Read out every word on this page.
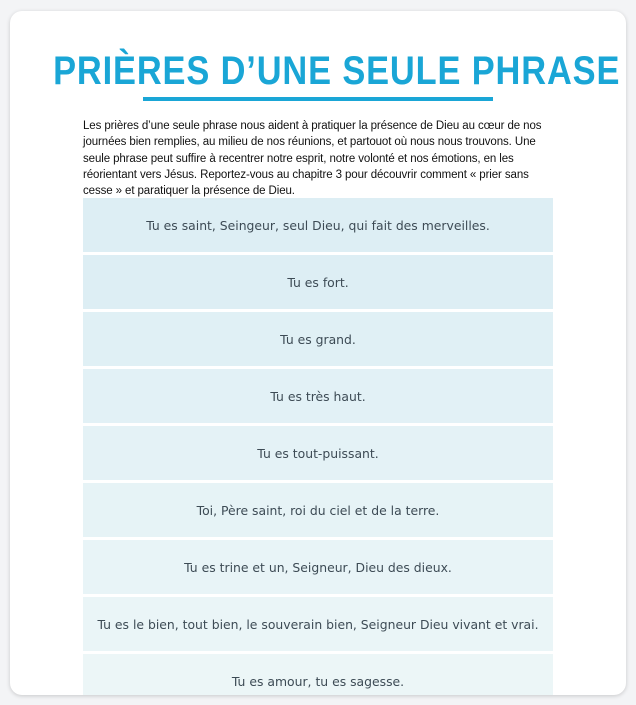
PRIÈRES D’UNE SEULE PHRASE

Les prières d’une seule phrase nous aident à pratiquer la présence de Dieu au cœur de nos journées bien remplies, au milieu de nos réunions, et partouot où nous nous trouvons. Une seule phrase peut suffire à recentrer notre esprit, notre volonté et nos émotions, en les réorientant vers Jésus. Reportez-vous au chapitre 3 pour découvrir comment « prier sans cesse » et paratiquer la présence de Dieu.

Tu es saint, Seingeur, seul Dieu, qui fait des merveilles.
Tu es fort.
Tu es grand.
Tu es très haut.
Tu es tout-puissant.
Toi, Père saint, roi du ciel et de la terre.
Tu es trine et un, Seigneur, Dieu des dieux.
Tu es le bien, tout bien, le souverain bien, Seigneur Dieu vivant et vrai.
Tu es amour, tu es sagesse.
